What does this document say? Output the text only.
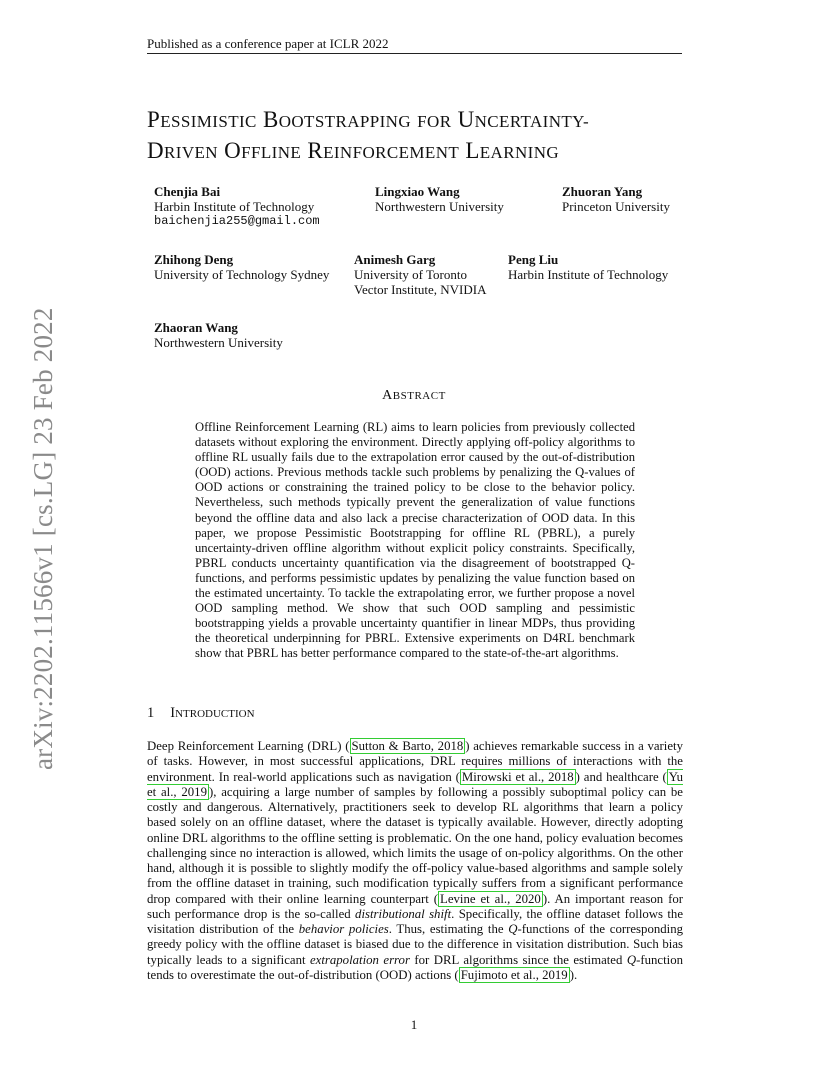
Published as a conference paper at ICLR 2022
arXiv:2202.11566v1 [cs.LG] 23 Feb 2022
PESSIMISTIC BOOTSTRAPPING FOR UNCERTAINTY-
DRIVEN OFFLINE REINFORCEMENT LEARNING
Chenjia Bai
Harbin Institute of Technology
baichenjia255@gmail.com
Lingxiao Wang
Northwestern University
Zhuoran Yang
Princeton University
Zhihong Deng
University of Technology Sydney
Animesh Garg
University of Toronto
Vector Institute, NVIDIA
Peng Liu
Harbin Institute of Technology
Zhaoran Wang
Northwestern University
ABSTRACT
Offline Reinforcement Learning (RL) aims to learn policies from previously collected datasets without exploring the environment. Directly applying off-policy algorithms to offline RL usually fails due to the extrapolation error caused by the out-of-distribution (OOD) actions. Previous methods tackle such problems by penalizing the Q-values of OOD actions or constraining the trained policy to be close to the behavior policy. Nevertheless, such methods typically prevent the generalization of value functions beyond the offline data and also lack a precise characterization of OOD data. In this paper, we propose Pessimistic Bootstrapping for offline RL (PBRL), a purely uncertainty-driven offline algorithm without explicit policy constraints. Specifically, PBRL conducts uncertainty quantification via the disagreement of bootstrapped Q-functions, and performs pessimistic updates by penalizing the value function based on the estimated uncertainty. To tackle the extrapolating error, we further propose a novel OOD sampling method. We show that such OOD sampling and pessimistic bootstrapping yields a provable uncertainty quantifier in linear MDPs, thus providing the theoretical underpinning for PBRL. Extensive experiments on D4RL benchmark show that PBRL has better performance compared to the state-of-the-art algorithms.
1 INTRODUCTION
Deep Reinforcement Learning (DRL) ( Sutton & Barto, 2018 ) achieves remarkable success in a variety of tasks. However, in most successful applications, DRL requires millions of interactions with the environment. In real-world applications such as navigation ( Mirowski et al., 2018 ) and healthcare ( Yu et al., 2019 ), acquiring a large number of samples by following a possibly suboptimal policy can be costly and dangerous. Alternatively, practitioners seek to develop RL algorithms that learn a policy based solely on an offline dataset, where the dataset is typically available. However, directly adopting online DRL algorithms to the offline setting is problematic. On the one hand, policy evaluation becomes challenging since no interaction is allowed, which limits the usage of on-policy algorithms. On the other hand, although it is possible to slightly modify the off-policy value-based algorithms and sample solely from the offline dataset in training, such modification typically suffers from a significant performance drop compared with their online learning counterpart ( Levine et al., 2020 ). An important reason for such performance drop is the so-called distributional shift. Specifically, the offline dataset follows the visitation distribution of the behavior policies. Thus, estimating the Q-functions of the corresponding greedy policy with the offline dataset is biased due to the difference in visitation distribution. Such bias typically leads to a significant extrapolation error for DRL algorithms since the estimated Q-function tends to overestimate the out-of-distribution (OOD) actions ( Fujimoto et al., 2019 ).
1
